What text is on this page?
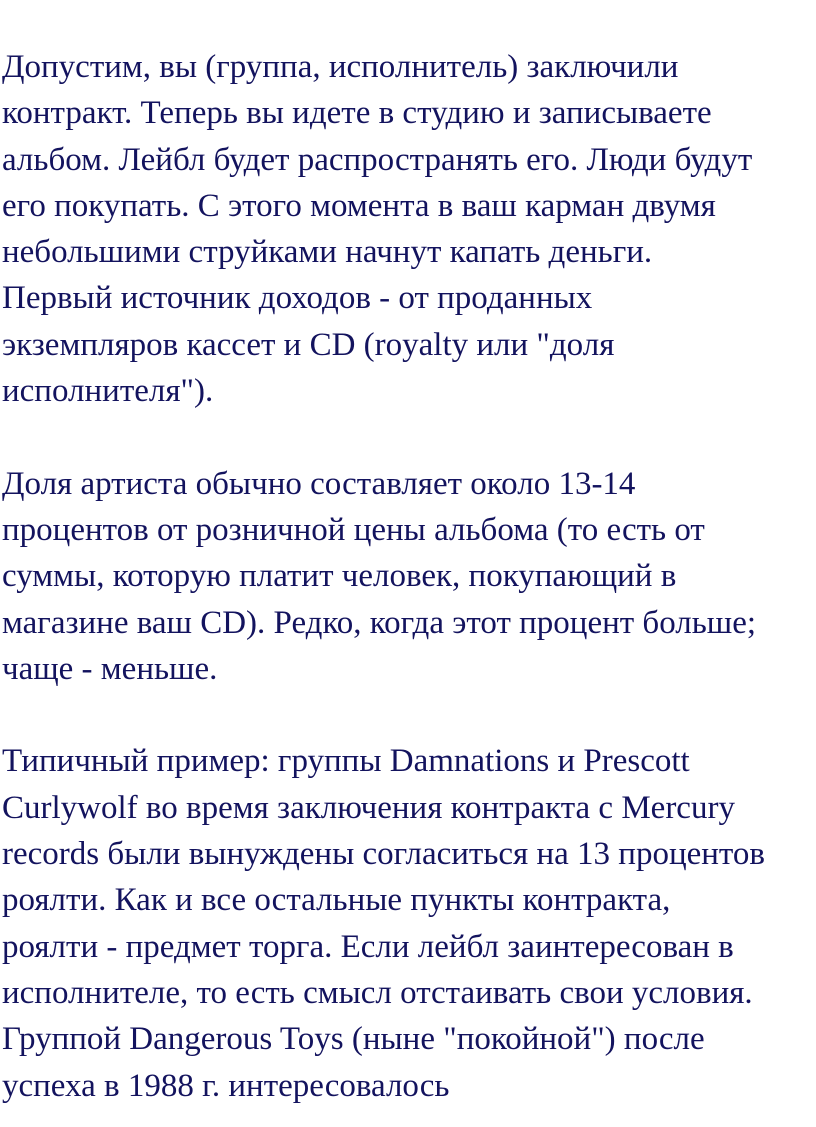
Допустим, вы (группа, исполнитель) заключили
контракт. Теперь вы идете в студию и записываете
альбом. Лейбл будет распространять его. Люди будут
его покупать. С этого момента в ваш карман двумя
небольшими струйками начнут капать деньги.
Первый источник доходов - от проданных
экземпляров кассет и CD (royalty или "доля
исполнителя").
Доля артиста обычно составляет около 13-14
процентов от розничной цены альбома (то есть от
суммы, которую платит человек, покупающий в
магазине ваш CD). Редко, когда этот процент больше;
чаще - меньше.
Типичный пример: группы Damnations и Prescott
Curlywolf во время заключения контракта с Mercury
records были вынуждены согласиться на 13 процентов
роялти. Как и все остальные пункты контракта,
роялти - предмет торга. Если лейбл заинтересован в
исполнителе, то есть смысл отстаивать свои условия.
Группой Dangerous Toys (ныне "покойной") после
успеха в 1988 г. интересовалось
